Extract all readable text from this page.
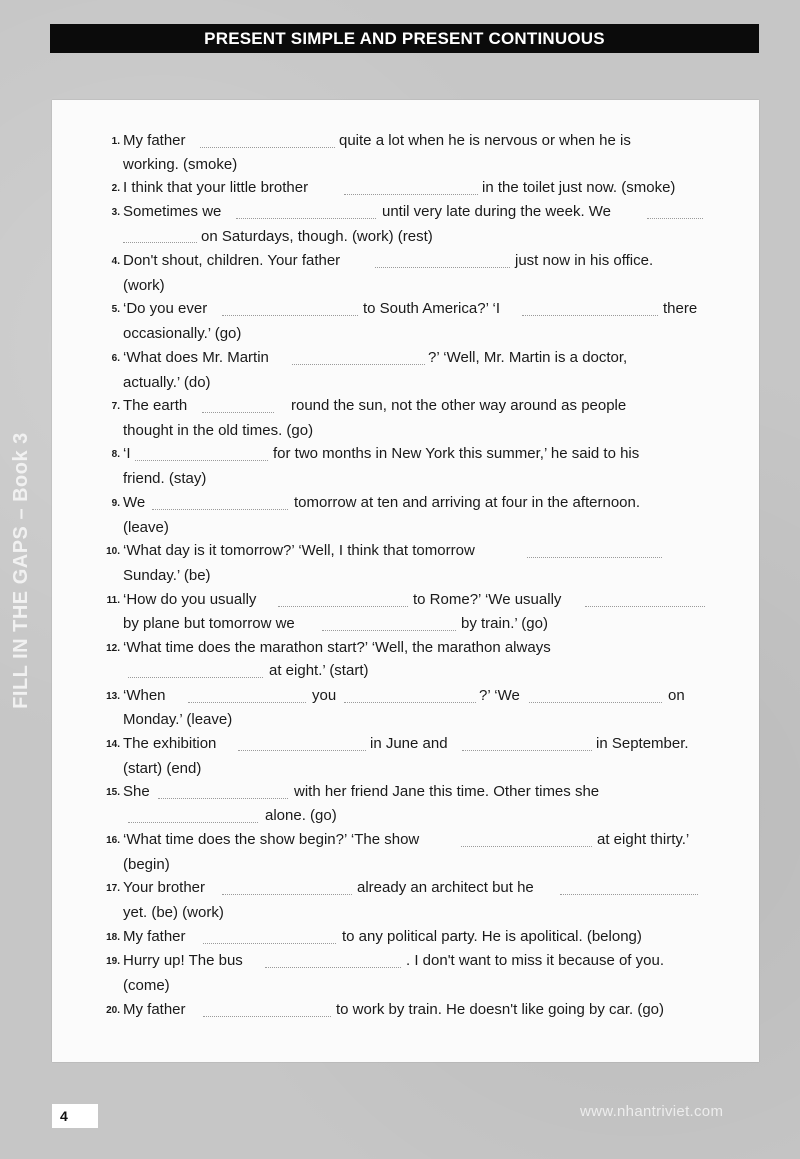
PRESENT SIMPLE AND PRESENT CONTINUOUS
FILL IN THE GAPS – Book 3
1. My father	quite a lot when he is nervous or when he is
working. (smoke)
2. I think that your little brother	in the toilet just now. (smoke)
3. Sometimes we	until very late during the week. We
on Saturdays, though. (work) (rest)
4. Don't shout, children. Your father	just now in his office.
(work)
5. ‘Do you ever	to South America?’ ‘I	there
occasionally.’ (go)
6. ‘What does Mr. Martin	?’ ‘Well, Mr. Martin is a doctor,
actually.’ (do)
7. The earth	round the sun, not the other way around as people
thought in the old times. (go)
8. ‘I	for two months in New York this summer,’ he said to his
friend. (stay)
9. We	tomorrow at ten and arriving at four in the afternoon.
(leave)
10. ‘What day is it tomorrow?’ ‘Well, I think that tomorrow
Sunday.’ (be)
11. ‘How do you usually	to Rome?’ ‘We usually
by plane but tomorrow we	by train.’ (go)
12. ‘What time does the marathon start?’ ‘Well, the marathon always
at eight.’ (start)
13. ‘When	you	?’ ‘We	on
Monday.’ (leave)
14. The exhibition	in June and	in September.
(start) (end)
15. She	with her friend Jane this time. Other times she
alone. (go)
16. ‘What time does the show begin?’ ‘The show	at eight thirty.’
(begin)
17. Your brother	already an architect but he
yet. (be) (work)
18. My father	to any political party. He is apolitical. (belong)
19. Hurry up! The bus	. I don't want to miss it because of you.
(come)
20. My father	to work by train. He doesn't like going by car. (go)
4	www.nhantriviet.com
